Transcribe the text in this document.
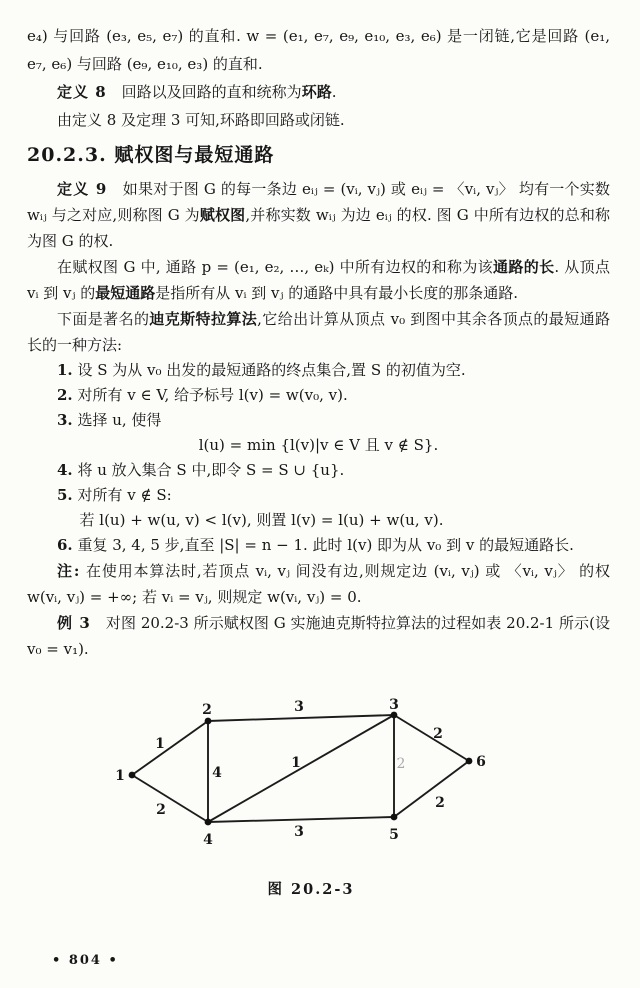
e₄) 与回路 (e₃, e₅, e₇) 的直和. w = (e₁, e₇, e₉, e₁₀, e₃, e₆) 是一闭链,它是回路 (e₁, e₇, e₆) 与回路 (e₉, e₁₀, e₃) 的直和.

定义 8　回路以及回路的直和统称为环路.

由定义 8 及定理 3 可知,环路即回路或闭链.

20.2.3. 赋权图与最短通路

定义 9　如果对于图 G 的每一条边 eᵢⱼ = (vᵢ, vⱼ) 或 eᵢⱼ = 〈vᵢ, vⱼ〉 均有一个实数 wᵢⱼ 与之对应,则称图 G 为赋权图,并称实数 wᵢⱼ 为边 eᵢⱼ 的权. 图 G 中所有边权的总和称为图 G 的权.

在赋权图 G 中, 通路 p = (e₁, e₂, …, eₖ) 中所有边权的和称为该通路的长. 从顶点 vᵢ 到 vⱼ 的最短通路是指所有从 vᵢ 到 vⱼ 的通路中具有最小长度的那条通路.

下面是著名的迪克斯特拉算法,它给出计算从顶点 v₀ 到图中其余各顶点的最短通路长的一种方法:

1. 设 S 为从 v₀ 出发的最短通路的终点集合,置 S 的初值为空.

2. 对所有 v ∈ V, 给予标号 l(v) = w(v₀, v).

3. 选择 u, 使得

l(u) = min {l(v)|v ∈ V 且 v ∉ S}.

4. 将 u 放入集合 S 中,即令 S = S ∪ {u}.

5. 对所有 v ∉ S:

若 l(u) + w(u, v) < l(v), 则置 l(v) = l(u) + w(u, v).

6. 重复 3, 4, 5 步,直至 |S| = n − 1. 此时 l(v) 即为从 v₀ 到 v 的最短通路长.

注: 在使用本算法时,若顶点 vᵢ, vⱼ 间没有边,则规定边 (vᵢ, vⱼ) 或 〈vᵢ, vⱼ〉 的权 w(vᵢ, vⱼ) = +∞; 若 vᵢ = vⱼ, 则规定 w(vᵢ, vⱼ) = 0.

例 3　对图 20.2-3 所示赋权图 G 实施迪克斯特拉算法的过程如表 20.2-1 所示(设 v₀ = v₁).

1
2	3
4	5
6
1
2
3
4
1	2
2
3
2
图 20.2-3
• 804 •
